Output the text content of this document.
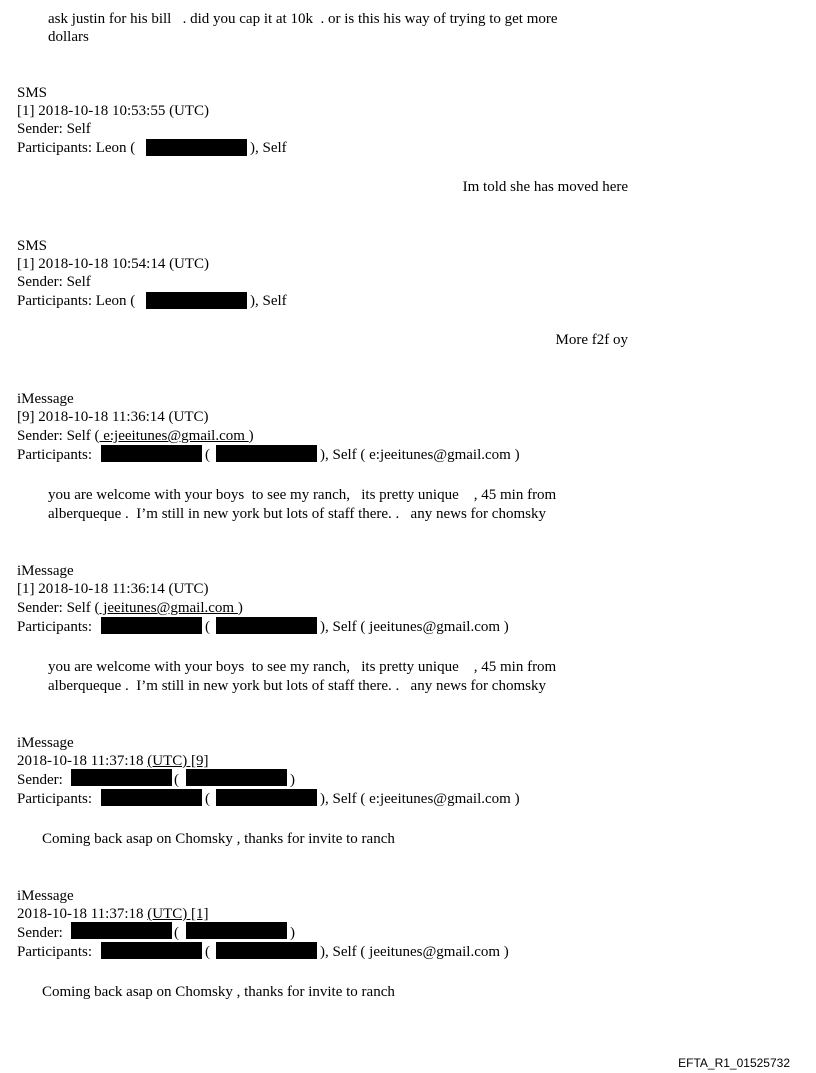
ask justin for his bill   . did you cap it at 10k  . or is this his way of trying to get more
dollars
SMS
[1] 2018-10-18 10:53:55 (UTC)
Sender: Self
Participants: Leon (	), Self
Im told she has moved here
SMS
[1] 2018-10-18 10:54:14 (UTC)
Sender: Self
Participants: Leon (	), Self
More f2f oy
iMessage
[9] 2018-10-18 11:36:14 (UTC)
Sender: Self ( e:jeeitunes@gmail.com )
Participants:	(	), Self ( e:jeeitunes@gmail.com )
you are welcome with your boys  to see my ranch,   its pretty unique    , 45 min from
alberqueque .  I’m still in new york but lots of staff there. .   any news for chomsky
iMessage
[1] 2018-10-18 11:36:14 (UTC)
Sender: Self ( jeeitunes@gmail.com )
Participants:	(	), Self ( jeeitunes@gmail.com )
you are welcome with your boys  to see my ranch,   its pretty unique    , 45 min from
alberqueque .  I’m still in new york but lots of staff there. .   any news for chomsky
iMessage
2018-10-18 11:37:18 (UTC) [9]
Sender:	(	)
Participants:	(	), Self ( e:jeeitunes@gmail.com )
Coming back asap on Chomsky , thanks for invite to ranch
iMessage
2018-10-18 11:37:18 (UTC) [1]
Sender:	(	)
Participants:	(	), Self ( jeeitunes@gmail.com )
Coming back asap on Chomsky , thanks for invite to ranch
EFTA_R1_01525732
